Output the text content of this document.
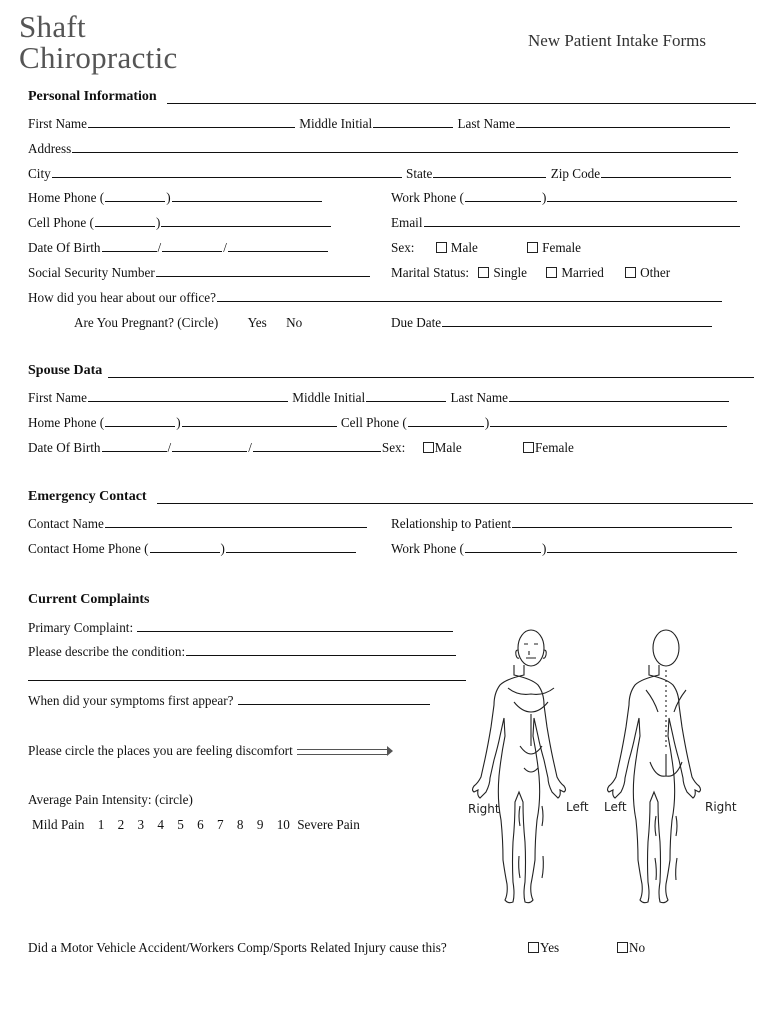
Shaft
Chiropractic	New Patient Intake Forms
Personal Information
First Name	Middle Initial	Last Name
Address
City	State	Zip Code
Home Phone (	)	Work Phone (	)
Cell Phone (	)	Email
Date Of Birth	/	/	Sex:	Male	Female
Social Security Number	Marital Status: Single	Married	Other
How did you hear about our office?
Are You Pregnant? (Circle) Yes No	Due Date
Spouse Data
First Name	Middle Initial	Last Name
Home Phone (	)	Cell Phone (	)
Date Of Birth	/	/	Sex: Male	Female
Emergency Contact
Contact Name	Relationship to Patient
Contact Home Phone (	)	Work Phone (	)
Current Complaints
Primary Complaint:
Please describe the condition:
When did your symptoms first appear?
Please circle the places you are feeling discomfort
Average Pain Intensity: (circle)
Mild Pain 1 2 3 4 5 6 7 8 9 10 Severe Pain
Right	Left Left	Right
Did a Motor Vehicle Accident/Workers Comp/Sports Related Injury cause this?	Yes	No
